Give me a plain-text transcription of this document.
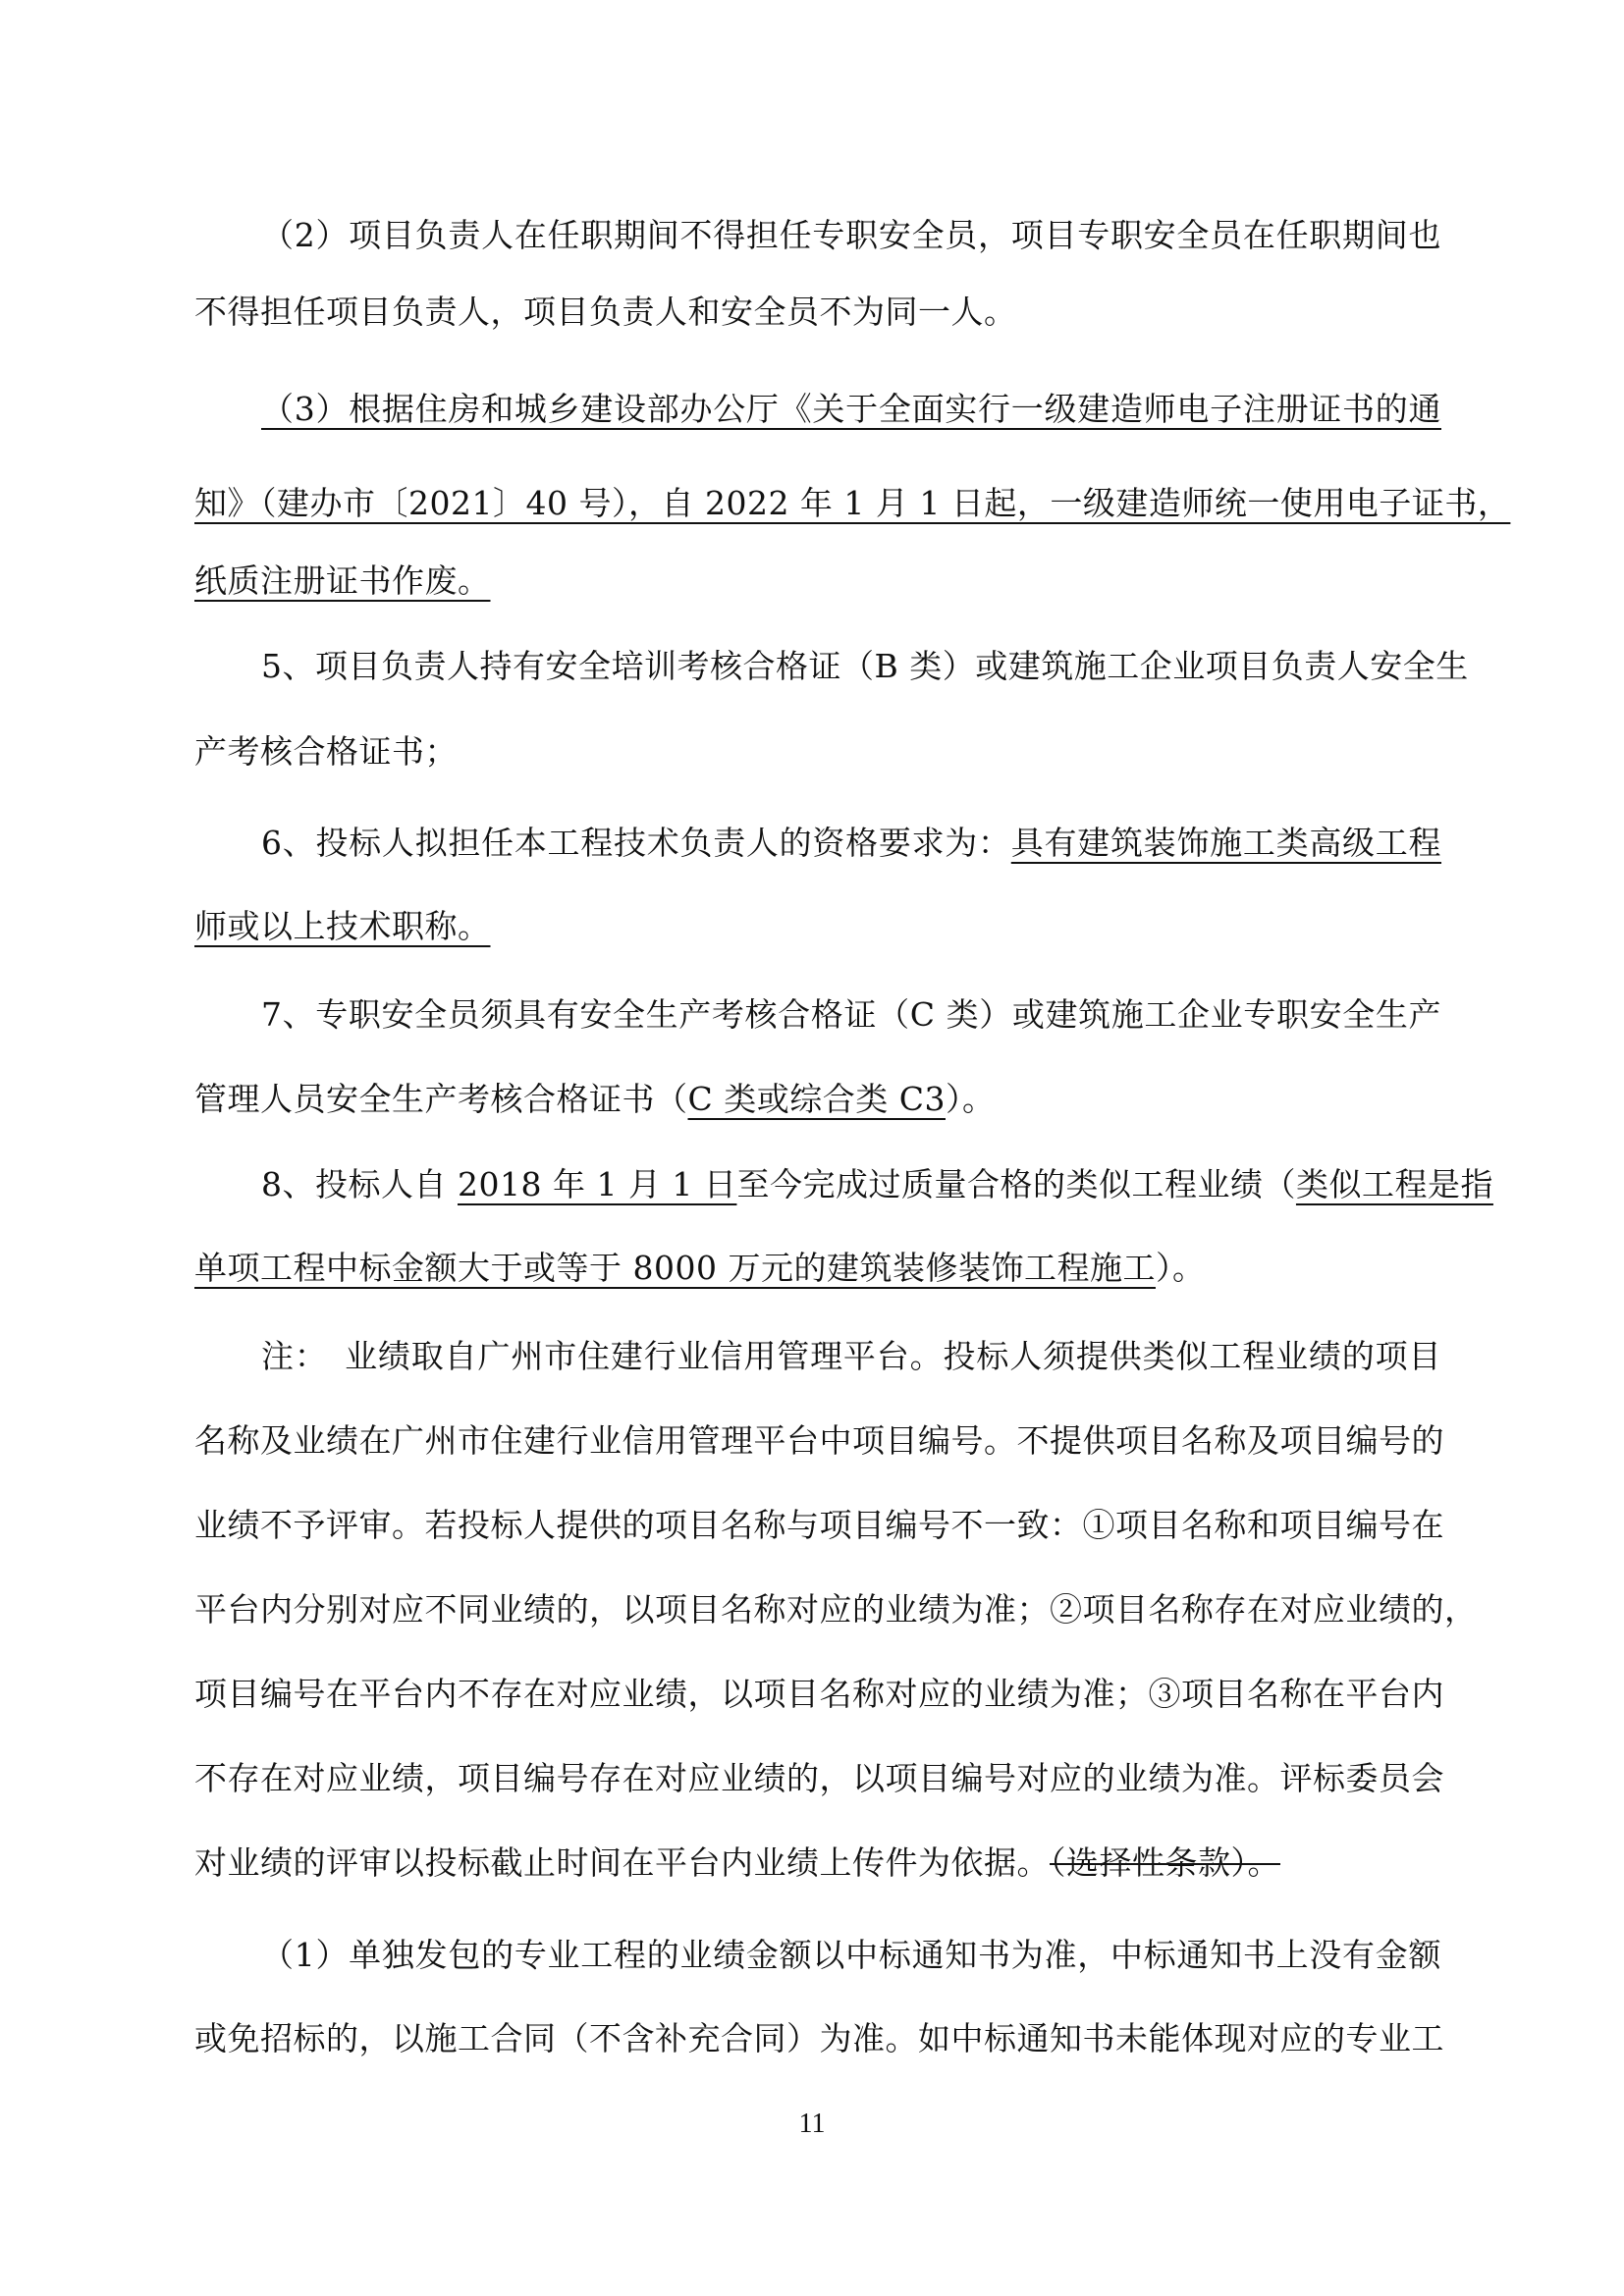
（2）项目负责人在任职期间不得担任专职安全员，项目专职安全员在任职期间也
不得担任项目负责人，项目负责人和安全员不为同一人。
（3）根据住房和城乡建设部办公厅《关于全面实行一级建造师电子注册证书的通
知》（建办市〔2021〕40 号），自 2022 年 1 月 1 日起，一级建造师统一使用电子证书，
纸质注册证书作废。
5、项目负责人持有安全培训考核合格证（B 类）或建筑施工企业项目负责人安全生
产考核合格证书；
6、投标人拟担任本工程技术负责人的资格要求为：具有建筑装饰施工类高级工程
师或以上技术职称。
7、专职安全员须具有安全生产考核合格证（C 类）或建筑施工企业专职安全生产
管理人员安全生产考核合格证书（C 类或综合类 C3）。
8、投标人自 2018 年 1 月 1 日至今完成过质量合格的类似工程业绩（类似工程是指
单项工程中标金额大于或等于 8000 万元的建筑装修装饰工程施工）。
注：　业绩取自广州市住建行业信用管理平台。投标人须提供类似工程业绩的项目
名称及业绩在广州市住建行业信用管理平台中项目编号。不提供项目名称及项目编号的
业绩不予评审。若投标人提供的项目名称与项目编号不一致：①项目名称和项目编号在
平台内分别对应不同业绩的，以项目名称对应的业绩为准；②项目名称存在对应业绩的，
项目编号在平台内不存在对应业绩，以项目名称对应的业绩为准；③项目名称在平台内
不存在对应业绩，项目编号存在对应业绩的，以项目编号对应的业绩为准。评标委员会
对业绩的评审以投标截止时间在平台内业绩上传件为依据。（选择性条款）。
（1）单独发包的专业工程的业绩金额以中标通知书为准，中标通知书上没有金额
或免招标的，以施工合同（不含补充合同）为准。如中标通知书未能体现对应的专业工
11
